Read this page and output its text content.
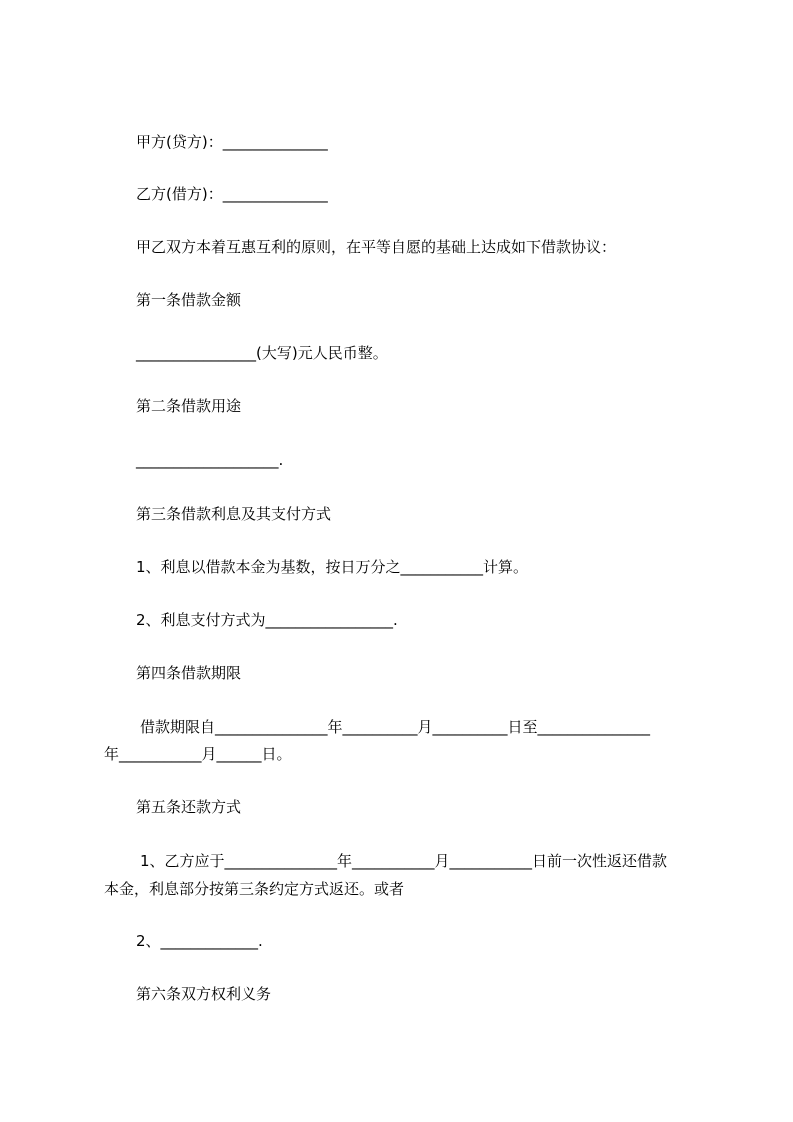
甲方(贷方)：______________
乙方(借方)：______________
甲乙双方本着互惠互利的原则，在平等自愿的基础上达成如下借款协议：
第一条借款金额
________________(大写)元人民币整。
第二条借款用途
___________________.
第三条借款利息及其支付方式
1、利息以借款本金为基数，按日万分之___________计算。
2、利息支付方式为_________________.
第四条借款期限
借款期限自_______________年__________月__________日至_______________
年___________月______日。
第五条还款方式
1、乙方应于_______________年___________月___________日前一次性返还借款
本金，利息部分按第三条约定方式返还。或者
2、_____________.
第六条双方权利义务
